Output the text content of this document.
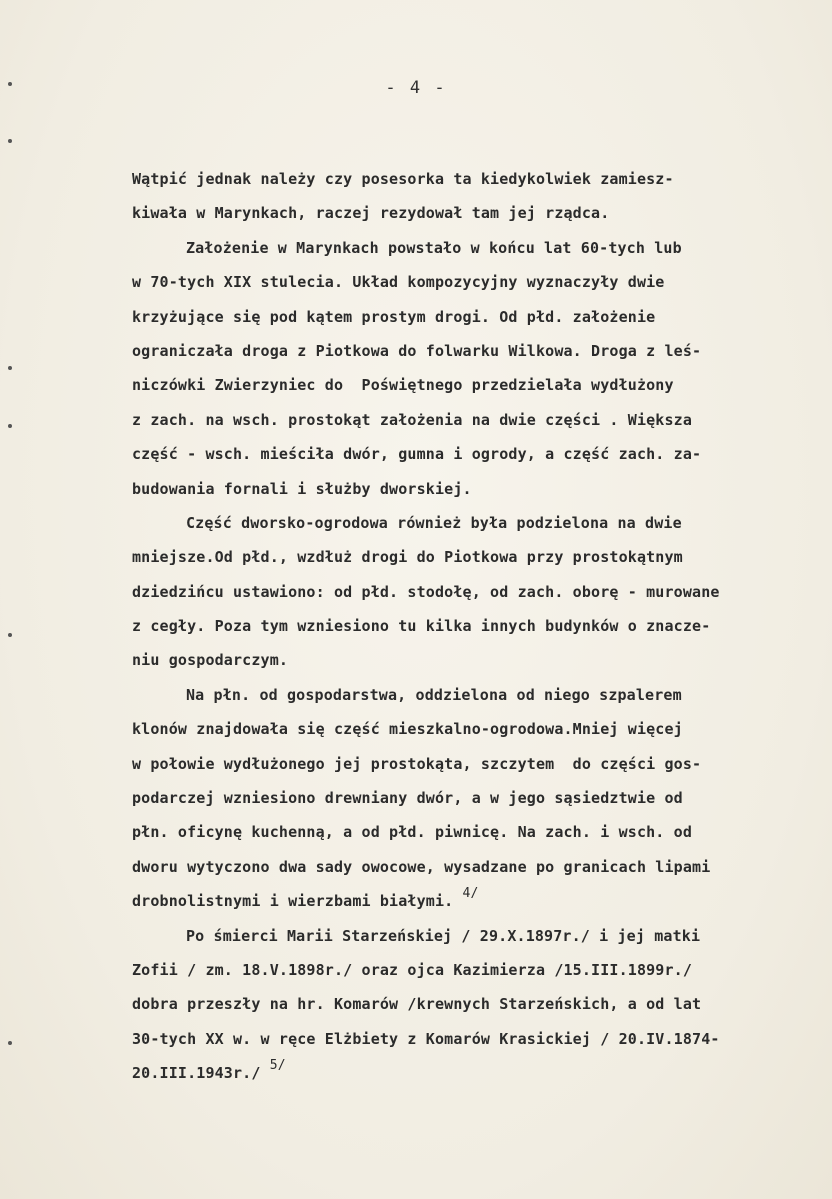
- 4 -
Wątpić jednak należy czy posesorka ta kiedykolwiek zamiesz-
kiwała w Marynkach, raczej rezydował tam jej rządca.
Założenie w Marynkach powstało w końcu lat 60-tych lub
w 70-tych XIX stulecia. Układ kompozycyjny wyznaczyły dwie
krzyżujące się pod kątem prostym drogi. Od płd. założenie
ograniczała droga z Piotkowa do folwarku Wilkowa. Droga z leś-
niczówki Zwierzyniec do  Poświętnego przedzielała wydłużony
z zach. na wsch. prostokąt założenia na dwie części . Większa
część - wsch. mieściła dwór, gumna i ogrody, a część zach. za-
budowania fornali i służby dworskiej.
Część dworsko-ogrodowa również była podzielona na dwie
mniejsze.Od płd., wzdłuż drogi do Piotkowa przy prostokątnym
dziedzińcu ustawiono: od płd. stodołę, od zach. oborę - murowane
z cegły. Poza tym wzniesiono tu kilka innych budynków o znacze-
niu gospodarczym.
Na płn. od gospodarstwa, oddzielona od niego szpalerem
klonów znajdowała się część mieszkalno-ogrodowa.Mniej więcej
w połowie wydłużonego jej prostokąta, szczytem  do części gos-
podarczej wzniesiono drewniany dwór, a w jego sąsiedztwie od
płn. oficynę kuchenną, a od płd. piwnicę. Na zach. i wsch. od
dworu wytyczono dwa sady owocowe, wysadzane po granicach lipami
drobnolistnymi i wierzbami białymi. 4/
Po śmierci Marii Starzeńskiej / 29.X.1897r./ i jej matki
Zofii / zm. 18.V.1898r./ oraz ojca Kazimierza /15.III.1899r./
dobra przeszły na hr. Komarów /krewnych Starzeńskich, a od lat
30-tych XX w. w ręce Elżbiety z Komarów Krasickiej / 20.IV.1874-
20.III.1943r./ 5/
